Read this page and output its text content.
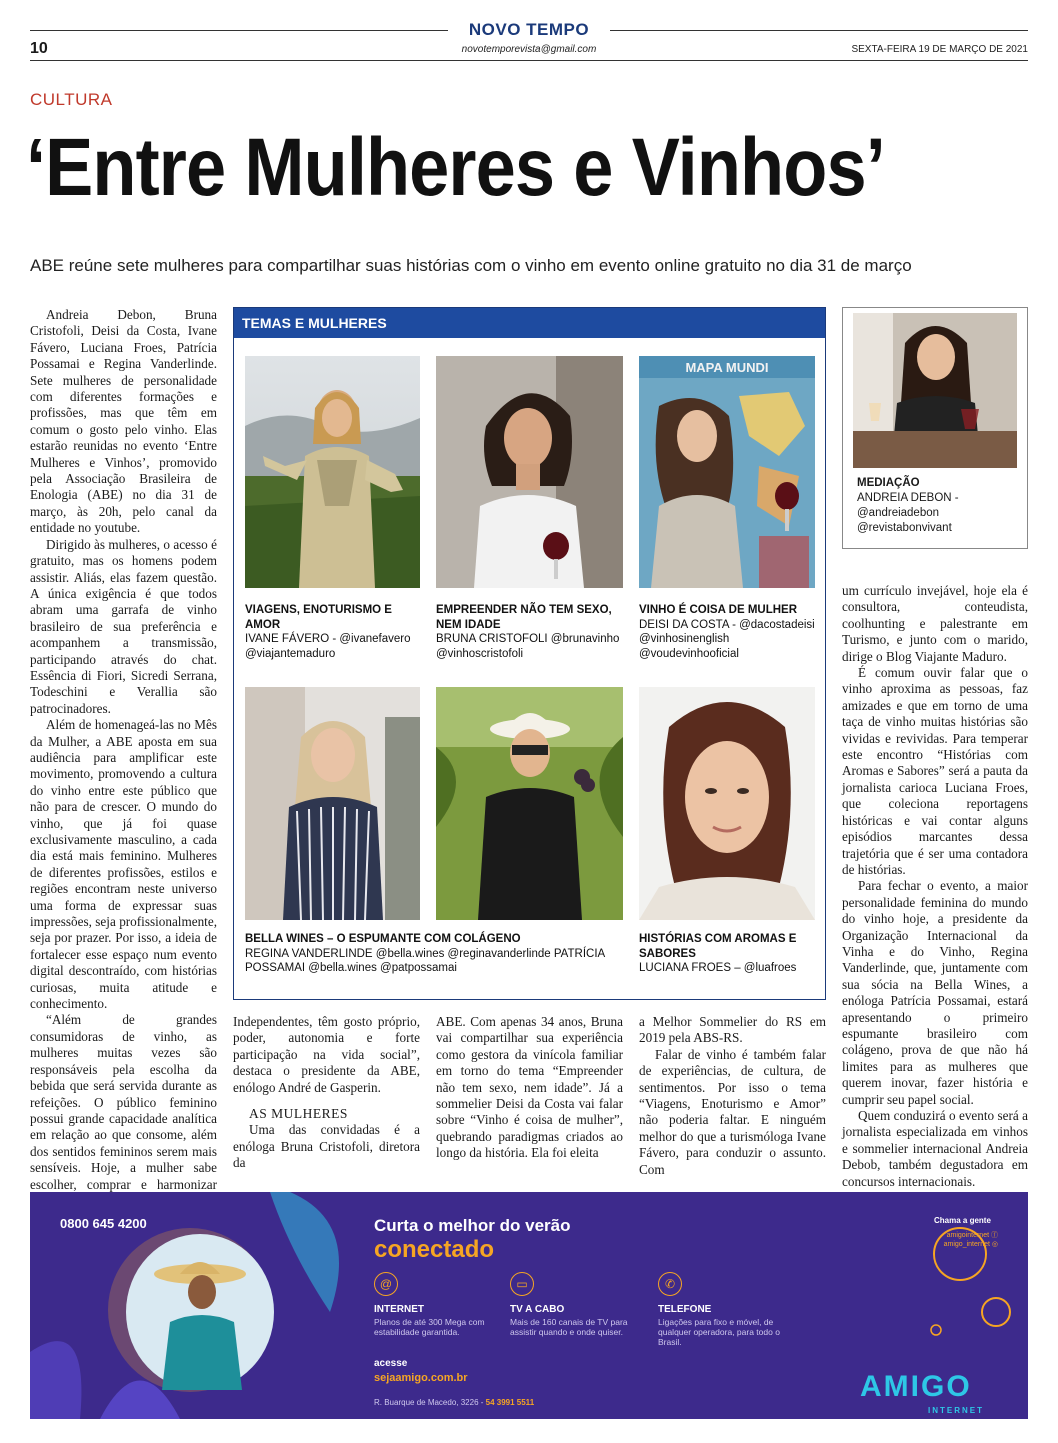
NOVO TEMPO
10	novotemporevista@gmail.com	SEXTA-FEIRA 19 DE MARÇO DE 2021
CULTURA
‘Entre Mulheres e Vinhos’
ABE reúne sete mulheres para compartilhar suas histórias com o vinho em evento online gratuito no dia 31 de março

Andreia Debon, Bruna Cristofoli, Deisi da Costa, Ivane Fávero, Luciana Froes, Patrícia Possamai e Regina Vanderlinde. Sete mulheres de personalidade com diferentes formações e profissões, mas que têm em comum o gosto pelo vinho. Elas estarão reunidas no evento ‘Entre Mulheres e Vinhos’, promovido pela Associação Brasileira de Enologia (ABE) no dia 31 de março, às 20h, pelo canal da entidade no youtube.

Dirigido às mulheres, o acesso é gratuito, mas os homens podem assistir. Aliás, elas fazem questão. A única exigência é que todos abram uma garrafa de vinho brasileiro de sua preferência e acompanhem a transmissão, participando através do chat. Essência di Fiori, Sicredi Serrana, Todeschini e Verallia são patrocinadores.

Além de homenageá-las no Mês da Mulher, a ABE aposta em sua audiência para amplificar este movimento, promovendo a cultura do vinho entre este público que não para de crescer. O mundo do vinho, que já foi quase exclusivamente masculino, a cada dia está mais feminino. Mulheres de diferentes profissões, estilos e regiões encontram neste universo uma forma de expressar suas impressões, seja profissionalmente, seja por prazer. Por isso, a ideia de fortalecer esse espaço num evento digital descontraído, com histórias curiosas, muita atitude e conhecimento.

“Além de grandes consumidoras de vinho, as mulheres muitas vezes são responsáveis pela escolha da bebida que será servida durante as refeições. O público feminino possui grande capacidade analítica em relação ao que consome, além dos sentidos femininos serem mais sensíveis. Hoje, a mulher sabe escolher, comprar e harmonizar

Independentes, têm gosto próprio, poder, autonomia e forte participação na vida social”, destaca o presidente da ABE, enólogo André de Gasperin.

AS MULHERES

Uma das convidadas é a enóloga Bruna Cristofoli, diretora da

ABE. Com apenas 34 anos, Bruna vai compartilhar sua experiência como gestora da vinícola familiar em torno do tema “Empreender não tem sexo, nem idade”. Já a sommelier Deisi da Costa vai falar sobre “Vinho é coisa de mulher”, quebrando paradigmas criados ao longo da história. Ela foi eleita

a Melhor Sommelier do RS em 2019 pela ABS-RS.

Falar de vinho é também falar de experiências, de cultura, de sentimentos. Por isso o tema “Viagens, Enoturismo e Amor” não poderia faltar. E ninguém melhor do que a turismóloga Ivane Fávero, para conduzir o assunto. Com

um currículo invejável, hoje ela é consultora, conteudista, coolhunting e palestrante em Turismo, e junto com o marido, dirige o Blog Viajante Maduro.

É comum ouvir falar que o vinho aproxima as pessoas, faz amizades e que em torno de uma taça de vinho muitas histórias são vividas e revividas. Para temperar este encontro “Histórias com Aromas e Sabores” será a pauta da jornalista carioca Luciana Froes, que coleciona reportagens históricas e vai contar alguns episódios marcantes dessa trajetória que é ser uma contadora de histórias.

Para fechar o evento, a maior personalidade feminina do mundo do vinho hoje, a presidente da Organização Internacional da Vinha e do Vinho, Regina Vanderlinde, que, juntamente com sua sócia na Bella Wines, a enóloga Patrícia Possamai, estará apresentando o primeiro espumante brasileiro com colágeno, prova de que não há limites para as mulheres que querem inovar, fazer história e cumprir seu papel social.

Quem conduzirá o evento será a jornalista especializada em vinhos e sommelier internacional Andreia Debob, também degustadora em concursos internacionais.

TEMAS E MULHERES
VIAGENS, ENOTURISMO E AMOR
IVANE FÁVERO - @ivanefavero @viajantemaduro
EMPREENDER NÃO TEM SEXO, NEM IDADE
BRUNA CRISTOFOLI @brunavinho @vinhoscristofoli
MAPA MUNDI
VINHO É COISA DE MULHER
DEISI DA COSTA - @dacostadeisi @vinhosinenglish @voudevinhooficial
BELLA WINES – O ESPUMANTE COM COLÁGENO
REGINA VANDERLINDE @bella.wines @reginavanderlinde PATRÍCIA POSSAMAI @bella.wines @patpossamai
HISTÓRIAS COM AROMAS E SABORES
LUCIANA FROES – @luafroes
MEDIAÇÃO
ANDREIA DEBON -
@andreiadebon
@revistabonvivant
0800 645 4200	Curta o melhor do verão
conectado
@
INTERNET
Planos de até 300 Mega com estabilidade garantida.
▭
TV A CABO
Mais de 160 canais de TV para assistir quando e onde quiser.
✆
TELEFONE
Ligações para fixo e móvel, de qualquer operadora, para todo o Brasil.
acesse
sejaamigo.com.br
R. Buarque de Macedo, 3226 - 54 3991 5511
Chama a gente
amigointernet ⓕ
amigo_internet ◎
AMIGO
INTERNET
